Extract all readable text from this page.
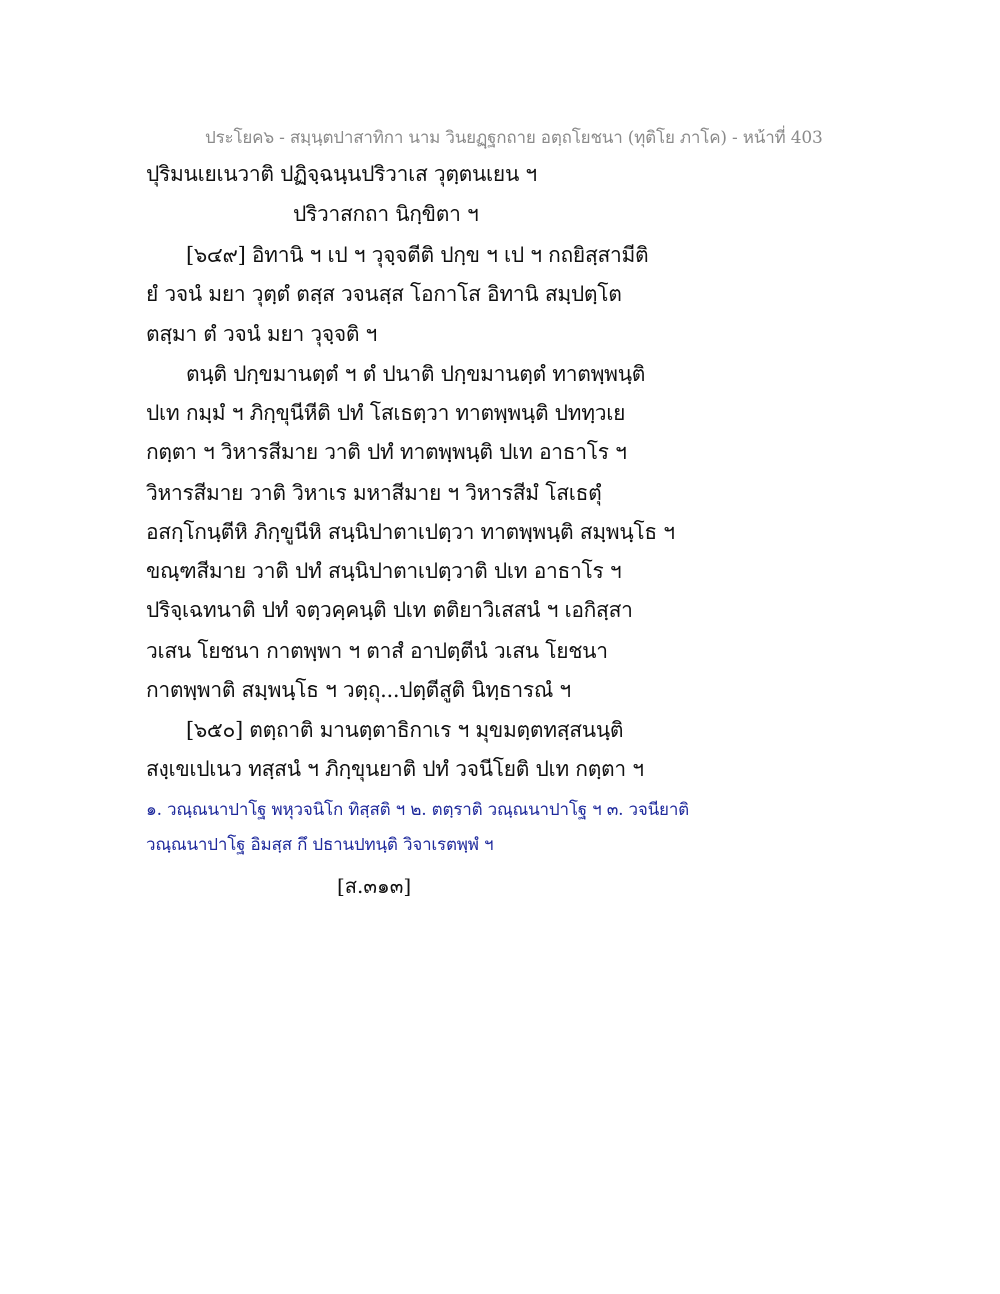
ประโยค๖ - สมฺนฺตปาสาทิกา นาม วินยฏฺฐกถาย อตฺถโยชนา (ทุติโย ภาโค) - หน้าที่ 403
ปุริมนเยเนวาติ ปฏิจฺฉนฺนปริวาเส วุตฺตนเยน ฯ
ปริวาสกถา นิกฺขิตา ฯ
[๖๔๙] อิทานิ ฯ เป ฯ วุจฺจตีติ ปกฺข ฯ เป ฯ กถยิสฺสามีติ
ยํ วจนํ มยา วุตฺตํ ตสฺส วจนสฺส โอกาโส อิทานิ สมฺปตฺโต
ตสฺมา ตํ วจนํ มยา วุจฺจติ ฯ
ตนฺติ ปกฺขมานตฺตํ ฯ ตํ ปนาติ ปกฺขมานตฺตํ ทาตพฺพนฺติ
ปเท กมฺมํ ฯ ภิกฺขุนีหีติ ปทํ โสเธตฺวา ทาตพฺพนฺติ ปททฺวเย
กตฺตา ฯ วิหารสีมาย วาติ ปทํ ทาตพฺพนฺติ ปเท อาธาโร ฯ
วิหารสีมาย วาติ วิหาเร มหาสีมาย ฯ วิหารสีมํ โสเธตุํ
อสกฺโกนฺตีหิ ภิกฺขูนีหิ สนฺนิปาตาเปตฺวา ทาตพฺพนฺติ สมฺพนฺโธ ฯ
ขณฺฑสีมาย วาติ ปทํ สนฺนิปาตาเปตฺวาติ ปเท อาธาโร ฯ
ปริจฺเฉทนาติ ปทํ จตฺวคฺคนฺติ ปเท ตติยาวิเสสนํ ฯ เอกิสฺสา
วเสน โยชนา กาตพฺพา ฯ ตาสํ อาปตฺตีนํ วเสน โยชนา
กาตพฺพาติ สมฺพนฺโธ ฯ วตฺถุ...ปตฺตีสูติ นิทฺธารณํ ฯ
[๖๕๐] ตตฺถาติ มานตฺตาธิกาเร ฯ มุขมตฺตทสฺสนนฺติ
สงฺเขเปเนว ทสฺสนํ ฯ ภิกฺขุนยาติ ปทํ วจนีโยติ ปเท กตฺตา ฯ
๑. วณฺณนาปาโฐ พหุวจนิโก ทิสฺสติ ฯ ๒. ตตฺราติ วณฺณนาปาโฐ ฯ ๓. วจนียาติ
วณฺณนาปาโฐ อิมสฺส กึ ปธานปทนฺติ วิจาเรตพฺพํ ฯ
[ส.๓๑๓]
